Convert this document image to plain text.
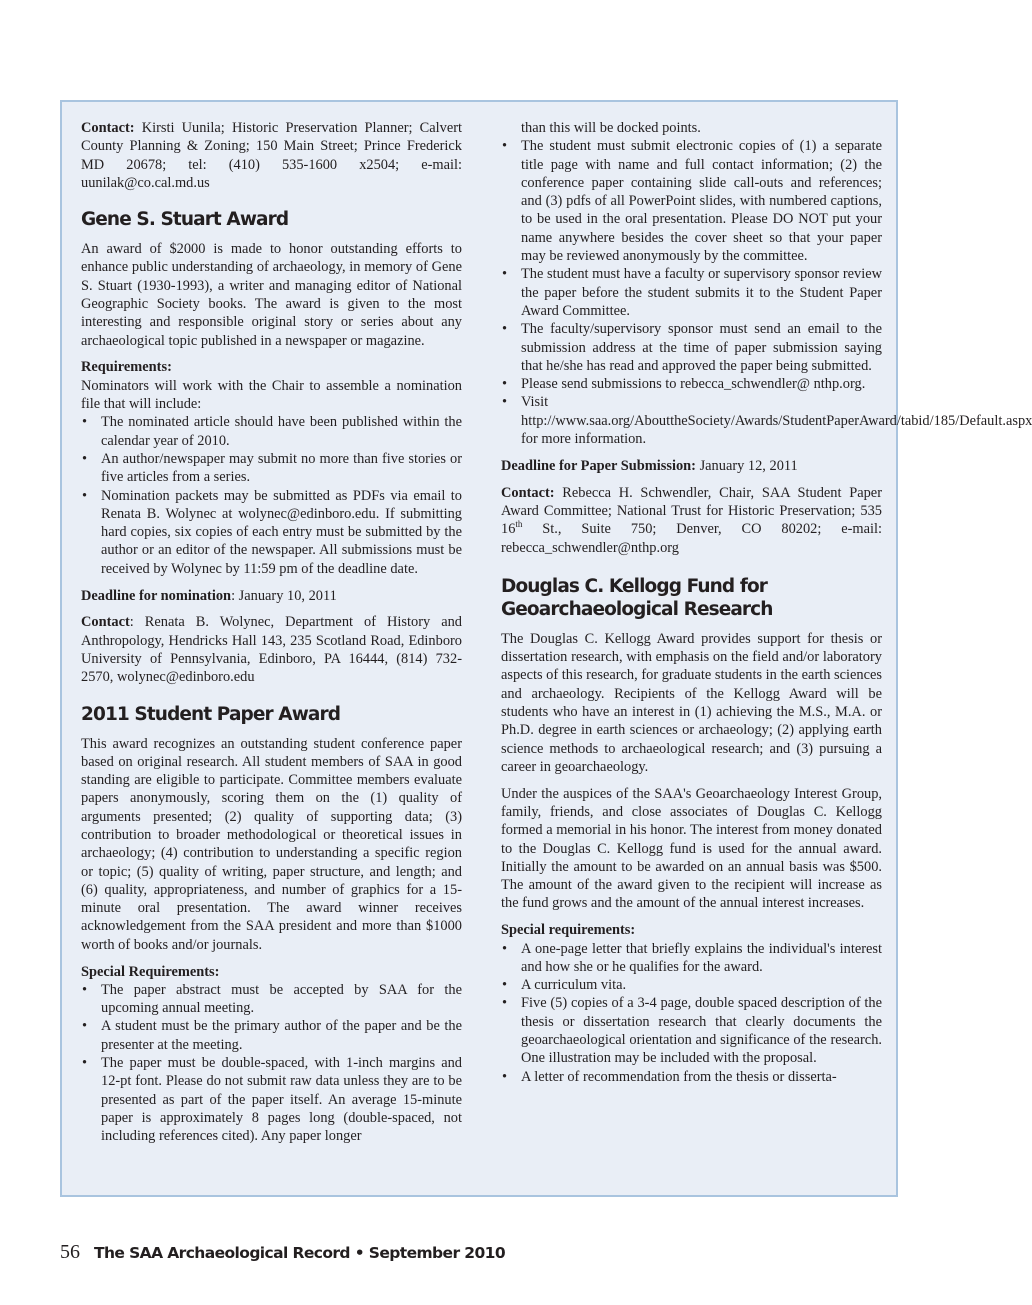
Contact: Kirsti Uunila; Historic Preservation Planner; Calvert County Planning & Zoning; 150 Main Street; Prince Frederick MD 20678; tel: (410) 535-1600 x2504; e-mail: uunilak@co.cal.md.us

Gene S. Stuart Award

An award of $2000 is made to honor outstanding efforts to enhance public understanding of archaeology, in memory of Gene S. Stuart (1930-1993), a writer and managing editor of National Geographic Society books. The award is given to the most interesting and responsible original story or series about any archaeological topic published in a newspaper or magazine.

Requirements:

Nominators will work with the Chair to assemble a nomination file that will include:

• The nominated article should have been published within the calendar year of 2010.
• An author/newspaper may submit no more than five stories or five articles from a series.
• Nomination packets may be submitted as PDFs via email to Renata B. Wolynec at wolynec@edinboro.edu. If submitting hard copies, six copies of each entry must be submitted by the author or an editor of the newspaper. All submissions must be received by Wolynec by 11:59 pm of the deadline date.

Deadline for nomination: January 10, 2011

Contact: Renata B. Wolynec, Department of History and Anthropology, Hendricks Hall 143, 235 Scotland Road, Edinboro University of Pennsylvania, Edinboro, PA 16444, (814) 732-2570, wolynec@edinboro.edu

2011 Student Paper Award

This award recognizes an outstanding student conference paper based on original research. All student members of SAA in good standing are eligible to participate. Committee members evaluate papers anonymously, scoring them on the (1) quality of arguments presented; (2) quality of supporting data; (3) contribution to broader methodological or theoretical issues in archaeology; (4) contribution to understanding a specific region or topic; (5) quality of writing, paper structure, and length; and (6) quality, appropriateness, and number of graphics for a 15-minute oral presentation. The award winner receives acknowledgement from the SAA president and more than $1000 worth of books and/or journals.

Special Requirements:

• The paper abstract must be accepted by SAA for the upcoming annual meeting.
• A student must be the primary author of the paper and be the presenter at the meeting.
• The paper must be double-spaced, with 1-inch margins and 12-pt font. Please do not submit raw data unless they are to be presented as part of the paper itself. An average 15-minute paper is approximately 8 pages long (double-spaced, not including references cited). Any paper longer

than this will be docked points.

• The student must submit electronic copies of (1) a separate title page with name and full contact information; (2) the conference paper containing slide call-outs and references; and (3) pdfs of all PowerPoint slides, with numbered captions, to be used in the oral presentation. Please DO NOT put your name anywhere besides the cover sheet so that your paper may be reviewed anonymously by the committee.
• The student must have a faculty or supervisory sponsor review the paper before the student submits it to the Student Paper Award Committee.
• The faculty/supervisory sponsor must send an email to the submission address at the time of paper submission saying that he/she has read and approved the paper being submitted.
• Please send submissions to rebecca_schwendler@ nthp.org.
• Visit http://www.saa.org/AbouttheSociety/Awards/StudentPaperAward/tabid/185/Default.aspx for more information.

Deadline for Paper Submission: January 12, 2011

Contact: Rebecca H. Schwendler, Chair, SAA Student Paper Award Committee; National Trust for Historic Preservation; 535 16th St., Suite 750; Denver, CO 80202; e-mail: rebecca_schwendler@nthp.org

Douglas C. Kellogg Fund for
Geoarchaeological Research

The Douglas C. Kellogg Award provides support for thesis or dissertation research, with emphasis on the field and/or laboratory aspects of this research, for graduate students in the earth sciences and archaeology. Recipients of the Kellogg Award will be students who have an interest in (1) achieving the M.S., M.A. or Ph.D. degree in earth sciences or archaeology; (2) applying earth science methods to archaeological research; and (3) pursuing a career in geoarchaeology.

Under the auspices of the SAA's Geoarchaeology Interest Group, family, friends, and close associates of Douglas C. Kellogg formed a memorial in his honor. The interest from money donated to the Douglas C. Kellogg fund is used for the annual award. Initially the amount to be awarded on an annual basis was $500. The amount of the award given to the recipient will increase as the fund grows and the amount of the annual interest increases.

Special requirements:

• A one-page letter that briefly explains the individual's interest and how she or he qualifies for the award.
• A curriculum vita.
• Five (5) copies of a 3-4 page, double spaced description of the thesis or dissertation research that clearly documents the geoarchaeological orientation and significance of the research. One illustration may be included with the proposal.
• A letter of recommendation from the thesis or disserta-
56 The SAA Archaeological Record • September 2010
